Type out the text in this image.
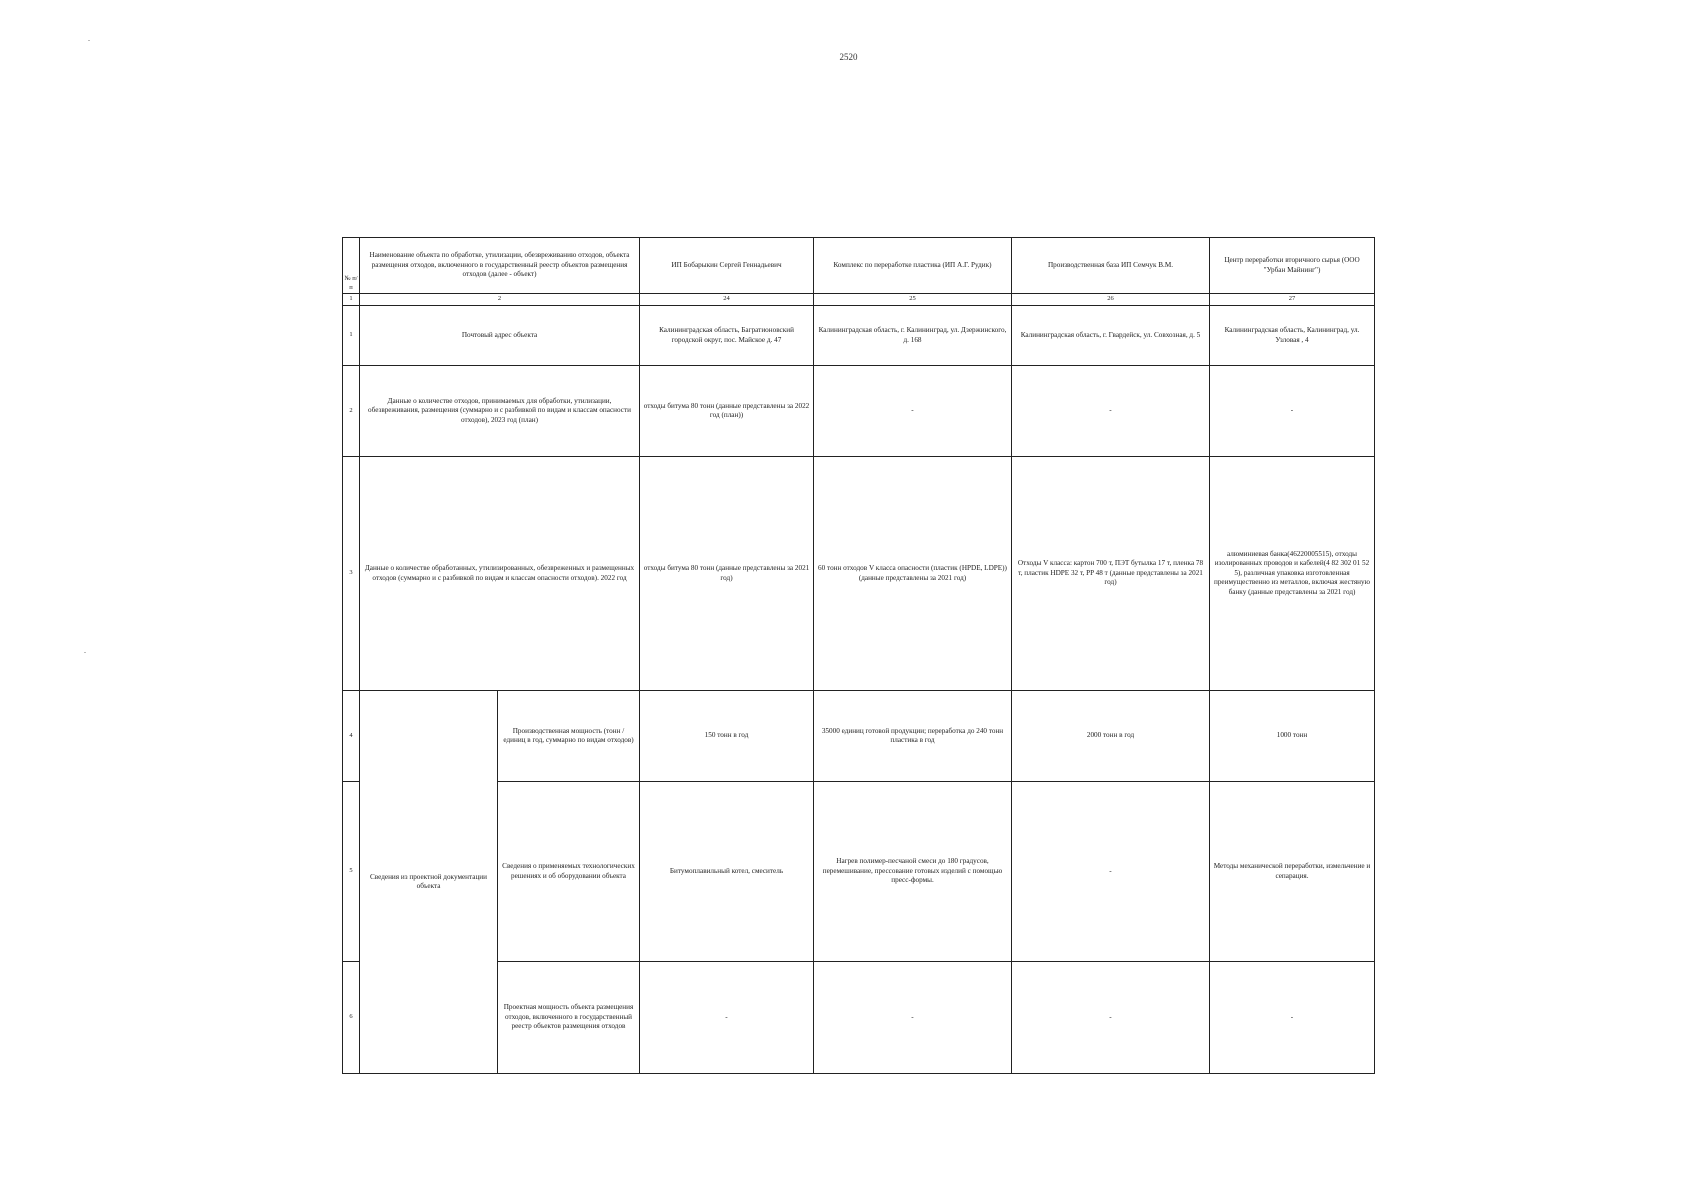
2520
№ п/п	Наименование объекта по обработке, утилизации, обезвреживанию отходов, объекта размещения отходов, включенного в государственный реестр объектов размещения отходов (далее - объект)		ИП Бобарыкин Сергей Геннадьевич	Комплекс по переработке пластика (ИП А.Г. Рудик)	Производственная база ИП Семчук В.М.	Центр переработки вторичного сырья (ООО "Урбан Майнинг")
1	2		24	25	26	27
1	Почтовый адрес объекта		Калининградская область, Багратионовский городской округ, пос. Майское д. 47	Калининградская область, г. Калининград, ул. Дзержинского, д. 168	Калининградская область, г. Гвардейск, ул. Совхозная, д. 5	Калининградская область, Калининград, ул. Узловая , 4
2	Данные о количестве отходов, принимаемых для обработки, утилизации, обезвреживания, размещения (суммарно и с разбивкой по видам и классам опасности отходов), 2023 год (план)		отходы битума 80 тонн (данные представлены за 2022 год (план))	-	-	-
3	Данные о количестве обработанных, утилизированных, обезвреженных и размещенных отходов (суммарно и с разбивкой по видам и классам опасности отходов). 2022 год		отходы битума 80 тонн (данные представлены за 2021 год)	60 тонн отходов V класса опасности (пластик (HPDE, LDPE)) (данные представлены за 2021 год)	Отходы V класса: картон 700 т, ПЭТ бутылка 17 т, пленка 78 т, пластик HDPE 32 т, PP 48 т (данные представлены за 2021 год)	алюминиевая банка(46220005515), отходы изолированных проводов и кабелей(4 82 302 01 52 5), различная упаковка изготовленная преимущественно из металлов, включая жестяную банку (данные представлены за 2021 год)
4	Сведения из проектной документации объекта	Производственная мощность (тонн / единиц в год, суммарно по видам отходов)	150 тонн в год	35000 единиц готовой продукции; переработка до 240 тонн пластика в год	2000 тонн в год	1000 тонн
5		Сведения о применяемых технологических решениях и об оборудовании объекта	Битумоплавильный котел, смеситель	Нагрев полимер-песчаной смеси до 180 градусов, перемешивание, прессование готовых изделий с помощью пресс-формы.	-	Методы механической переработки, измельчение и сепарация.
6		Проектная мощность объекта размещения отходов, включенного в государственный реестр объектов размещения отходов	-	-	-	-
